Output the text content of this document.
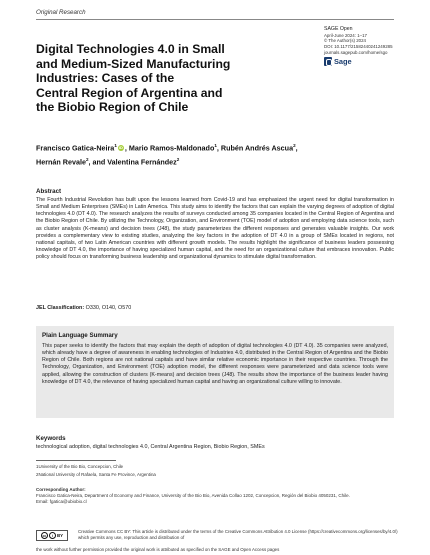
Original Research
Digital Technologies 4.0 in Small
and Medium-Sized Manufacturing
Industries: Cases of the
Central Region of Argentina and
the Biobio Region of Chile
SAGE Open
April-June 2024: 1–17
© The Author(s) 2024
DOI: 10.1177/21582440241249285
journals.sagepub.com/home/sgo
Sage
Francisco Gatica-Neira$^1$ iD , Mario Ramos-Maldonado$^1$, Rubén Andrés Ascua$^2$,
Hernán Revale$^2$, and Valentina Fernández$^2$
Abstract
The Fourth Industrial Revolution has built upon the lessons learned from Covid-19 and has emphasized the urgent need for digital transformation in Small and Medium Enterprises (SMEs) in Latin America. This study aims to identify the factors that can explain the varying degrees of adoption of digital technologies 4.0 (DT 4.0). The research analyzes the results of surveys conducted among 35 companies located in the Central Region of Argentina and the Biobio Region of Chile. By utilizing the Technology, Organization, and Environment (TOE) model of adoption and employing data science tools, such as cluster analysis (K-means) and decision trees (J48), the study parameterizes the different responses and generates valuable insights. Our work provides a complementary view to existing studies, analyzing the key factors in the adoption of DT 4.0 in a group of SMEs located in regions, not national capitals, of two Latin American countries with different growth models. The results highlight the significance of business leaders possessing knowledge of DT 4.0, the importance of having specialized human capital, and the need for an organizational culture that embraces innovation. Public policy should focus on transforming business leadership and organizational dynamics to stimulate digital transformation.
JEL Classification: O330, O140, O570
Plain Language Summary
This paper seeks to identify the factors that may explain the depth of adoption of digital technologies 4.0 (DT 4.0). 35 companies were analyzed, which already have a degree of awareness in enabling technologies of Industries 4.0, distributed in the Central Region of Argentina and the Biobio Region of Chile. Both regions are not national capitals and have similar relative economic importance in their respective countries. Through the Technology, Organization, and Environment (TOE) adoption model, the different responses were parameterized and data science tools were applied, allowing the construction of clusters (K-means) and decision trees (J48). The results show the importance of the business leader having knowledge of DT 4.0, the relevance of having specialized human capital and having an organizational culture willing to innovate.
Keywords
technological adoption, digital technologies 4.0, Central Argentina Region, Biobio Region, SMEs
1University of the Bio Bio, Concepcion, Chile
2National University of Rafaela, Santa Fe Province, Argentina
Corresponding Author:
Francisco Gatica-Neira, Department of Economy and Finance, University of the Bio Bio, Avenida Collao 1202, Concepcion, Región del Biobio 4050231, Chile.
Email: fgatica@ubiobio.cl
cc	i BY
Creative Commons CC BY: This article is distributed under the terms of the Creative Commons Attribution 4.0 License (https://creativecommons.org/licenses/by/4.0/) which permits any use, reproduction and distribution of
the work without further permission provided the original work is attributed as specified on the SAGE and Open Access pages
